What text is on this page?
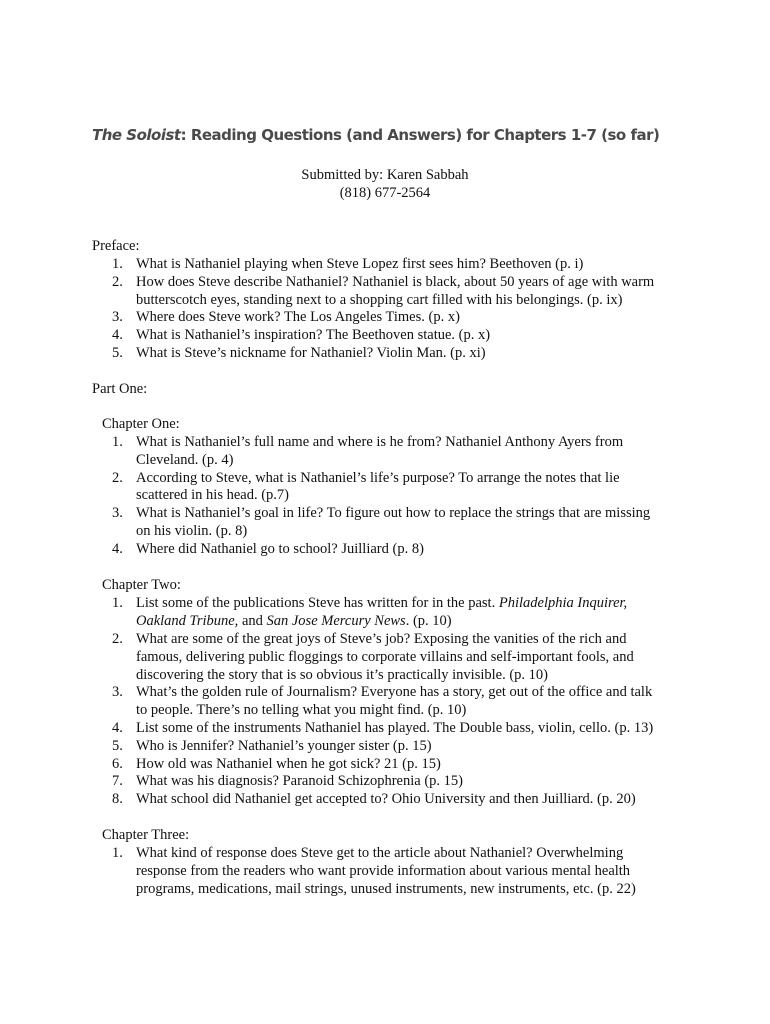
The Soloist: Reading Questions (and Answers) for Chapters 1-7 (so far)
Submitted by: Karen Sabbah
(818) 677-2564
Preface:
1. What is Nathaniel playing when Steve Lopez first sees him? Beethoven (p. i)
2. How does Steve describe Nathaniel? Nathaniel is black, about 50 years of age with warm
butterscotch eyes, standing next to a shopping cart filled with his belongings. (p. ix)
3. Where does Steve work? The Los Angeles Times. (p. x)
4. What is Nathaniel’s inspiration? The Beethoven statue. (p. x)
5. What is Steve’s nickname for Nathaniel? Violin Man. (p. xi)
Part One:
Chapter One:
1. What is Nathaniel’s full name and where is he from? Nathaniel Anthony Ayers from
Cleveland. (p. 4)
2. According to Steve, what is Nathaniel’s life’s purpose? To arrange the notes that lie
scattered in his head. (p.7)
3. What is Nathaniel’s goal in life? To figure out how to replace the strings that are missing
on his violin. (p. 8)
4. Where did Nathaniel go to school? Juilliard (p. 8)
Chapter Two:
1. List some of the publications Steve has written for in the past. Philadelphia Inquirer,
Oakland Tribune, and San Jose Mercury News. (p. 10)
2. What are some of the great joys of Steve’s job? Exposing the vanities of the rich and
famous, delivering public floggings to corporate villains and self-important fools, and
discovering the story that is so obvious it’s practically invisible. (p. 10)
3. What’s the golden rule of Journalism? Everyone has a story, get out of the office and talk
to people. There’s no telling what you might find. (p. 10)
4. List some of the instruments Nathaniel has played. The Double bass, violin, cello. (p. 13)
5. Who is Jennifer? Nathaniel’s younger sister (p. 15)
6. How old was Nathaniel when he got sick? 21 (p. 15)
7. What was his diagnosis? Paranoid Schizophrenia (p. 15)
8. What school did Nathaniel get accepted to? Ohio University and then Juilliard. (p. 20)
Chapter Three:
1. What kind of response does Steve get to the article about Nathaniel? Overwhelming
response from the readers who want provide information about various mental health
programs, medications, mail strings, unused instruments, new instruments, etc. (p. 22)
